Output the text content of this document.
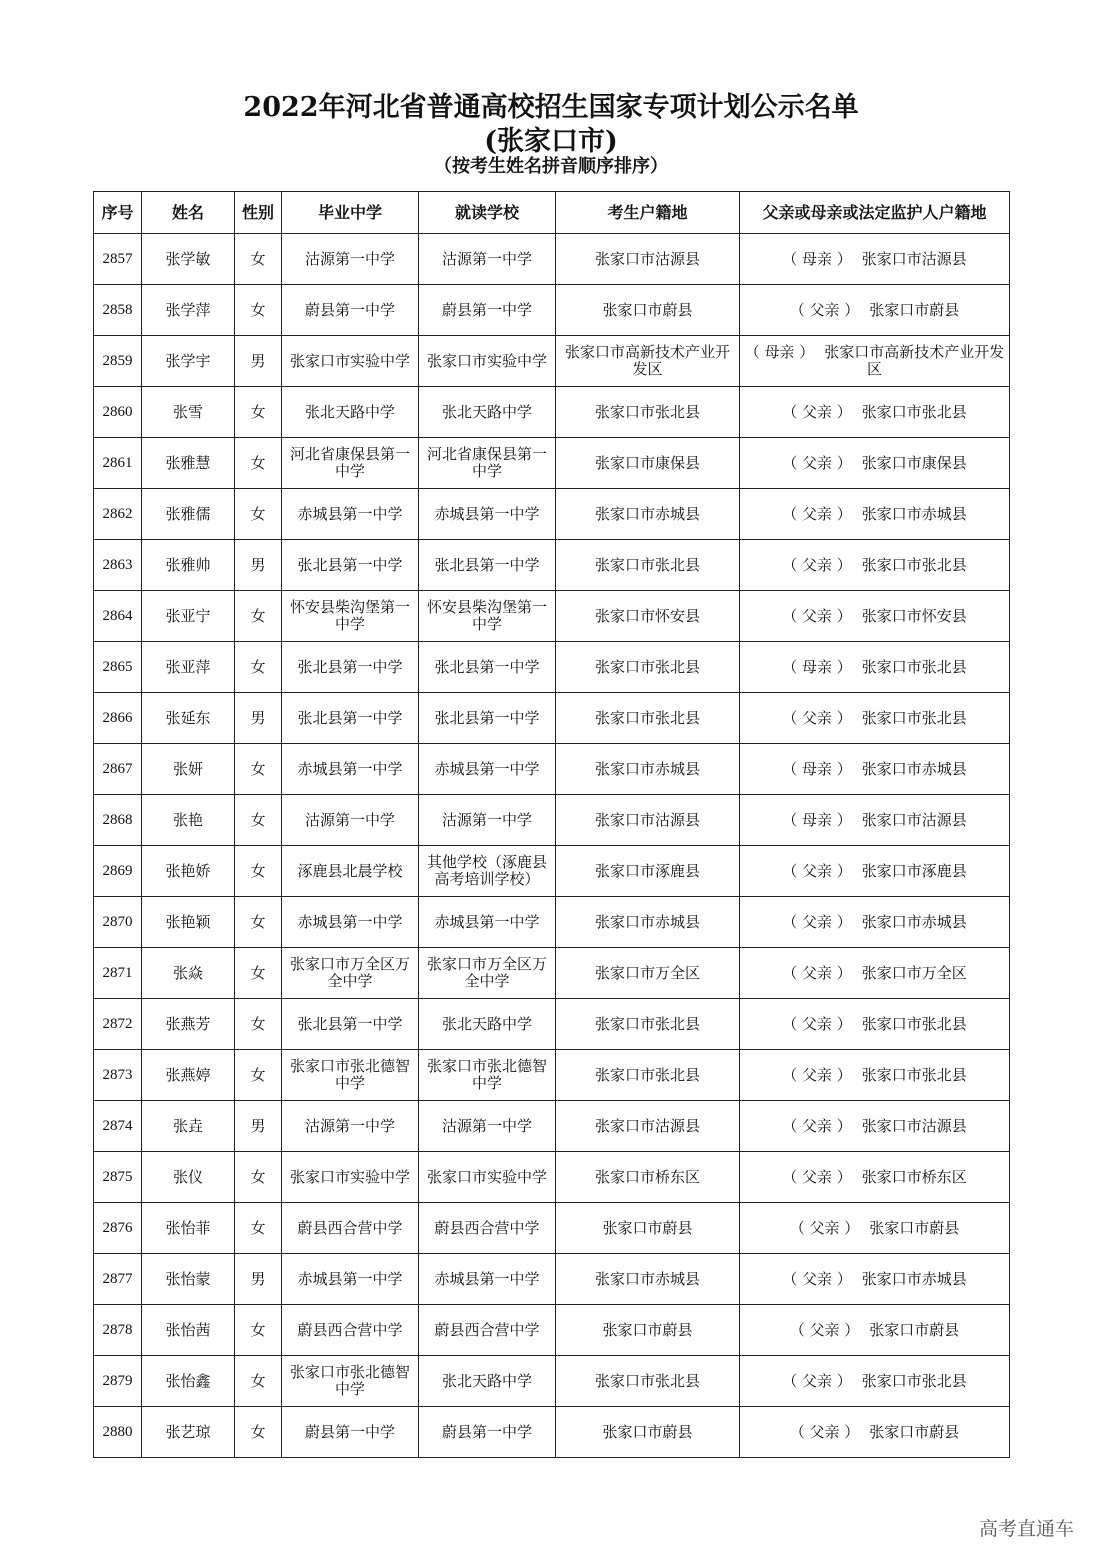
2022年河北省普通高校招生国家专项计划公示名单
(张家口市)
（按考生姓名拼音顺序排序）
序号	姓名	性别	毕业中学	就读学校	考生户籍地	父亲或母亲或法定监护人户籍地
2857	张学敏	女	沽源第一中学	沽源第一中学	张家口市沽源县	（ 母亲 ） 张家口市沽源县
2858	张学萍	女	蔚县第一中学	蔚县第一中学	张家口市蔚县	（ 父亲 ） 张家口市蔚县
2859	张学宇	男	张家口市实验中学	张家口市实验中学	张家口市高新技术产业开发区	（ 母亲 ） 张家口市高新技术产业开发区
2860	张雪	女	张北天路中学	张北天路中学	张家口市张北县	（ 父亲 ） 张家口市张北县
2861	张雅慧	女	河北省康保县第一中学	河北省康保县第一中学	张家口市康保县	（ 父亲 ） 张家口市康保县
2862	张雅儒	女	赤城县第一中学	赤城县第一中学	张家口市赤城县	（ 父亲 ） 张家口市赤城县
2863	张雅帅	男	张北县第一中学	张北县第一中学	张家口市张北县	（ 父亲 ） 张家口市张北县
2864	张亚宁	女	怀安县柴沟堡第一中学	怀安县柴沟堡第一中学	张家口市怀安县	（ 父亲 ） 张家口市怀安县
2865	张亚萍	女	张北县第一中学	张北县第一中学	张家口市张北县	（ 母亲 ） 张家口市张北县
2866	张延东	男	张北县第一中学	张北县第一中学	张家口市张北县	（ 父亲 ） 张家口市张北县
2867	张妍	女	赤城县第一中学	赤城县第一中学	张家口市赤城县	（ 母亲 ） 张家口市赤城县
2868	张艳	女	沽源第一中学	沽源第一中学	张家口市沽源县	（ 母亲 ） 张家口市沽源县
2869	张艳娇	女	涿鹿县北晨学校	其他学校（涿鹿县高考培训学校）	张家口市涿鹿县	（ 父亲 ） 张家口市涿鹿县
2870	张艳颖	女	赤城县第一中学	赤城县第一中学	张家口市赤城县	（ 父亲 ） 张家口市赤城县
2871	张焱	女	张家口市万全区万全中学	张家口市万全区万全中学	张家口市万全区	（ 父亲 ） 张家口市万全区
2872	张燕芳	女	张北县第一中学	张北天路中学	张家口市张北县	（ 父亲 ） 张家口市张北县
2873	张燕婷	女	张家口市张北德智中学	张家口市张北德智中学	张家口市张北县	（ 父亲 ） 张家口市张北县
2874	张垚	男	沽源第一中学	沽源第一中学	张家口市沽源县	（ 父亲 ） 张家口市沽源县
2875	张仪	女	张家口市实验中学	张家口市实验中学	张家口市桥东区	（ 父亲 ） 张家口市桥东区
2876	张怡菲	女	蔚县西合营中学	蔚县西合营中学	张家口市蔚县	（ 父亲 ） 张家口市蔚县
2877	张怡蒙	男	赤城县第一中学	赤城县第一中学	张家口市赤城县	（ 父亲 ） 张家口市赤城县
2878	张怡茜	女	蔚县西合营中学	蔚县西合营中学	张家口市蔚县	（ 父亲 ） 张家口市蔚县
2879	张怡鑫	女	张家口市张北德智中学	张北天路中学	张家口市张北县	（ 父亲 ） 张家口市张北县
2880	张艺琼	女	蔚县第一中学	蔚县第一中学	张家口市蔚县	（ 父亲 ） 张家口市蔚县
高考直通车
